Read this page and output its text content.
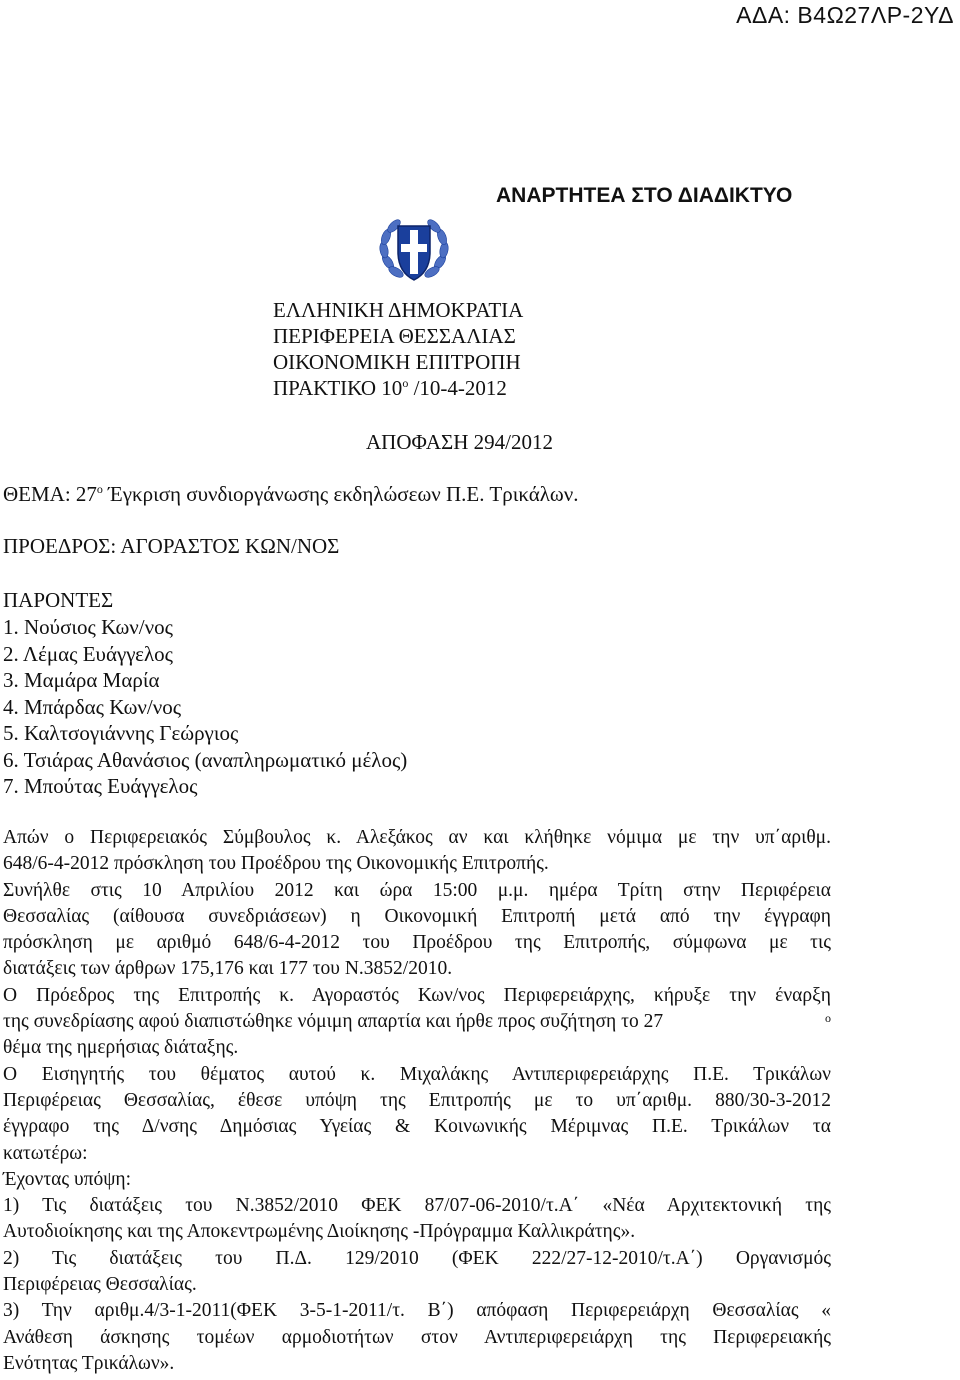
ΑΔΑ: Β4Ω27ΛΡ-2ΥΔ
ΑΝΑΡΤΗΤΕΑ ΣΤΟ ΔΙΑΔΙΚΤΥΟ
ΕΛΛΗΝΙΚΗ ΔΗΜΟΚΡΑΤΙΑ
ΠΕΡΙΦΕΡΕΙΑ ΘΕΣΣΑΛΙΑΣ
ΟΙΚΟΝΟΜΙΚΗ ΕΠΙΤΡΟΠΗ
ΠΡΑΚΤΙΚΟ $10^o$ /10-4-2012
ΑΠΟΦΑΣΗ 294/2012
ΘΕΜΑ: $27^o$ Έγκριση συνδιοργάνωσης εκδηλώσεων Π.Ε. Τρικάλων.
ΠΡΟΕΔΡΟΣ: ΑΓΟΡΑΣΤΟΣ ΚΩΝ/ΝΟΣ
ΠΑΡΟΝΤΕΣ
1. Νούσιος Κων/νος
2. Λέμας Ευάγγελος
3. Μαμάρα Μαρία
4. Μπάρδας Κων/νος
5. Καλτσογιάννης Γεώργιος
6. Τσιάρας Αθανάσιος (αναπληρωματικό μέλος)
7. Μπούτας Ευάγγελος
Απών ο Περιφερειακός Σύμβουλος κ. Αλεξάκος αν και κλήθηκε νόμιμα με την υπ΄αριθμ.
648/6-4-2012 πρόσκληση του Προέδρου της Οικονομικής Επιτροπής.
Συνήλθε στις 10 Απριλίου 2012 και ώρα 15:00 μ.μ. ημέρα Τρίτη στην Περιφέρεια
Θεσσαλίας (αίθουσα συνεδριάσεων) η Οικονομική Επιτροπή μετά από την έγγραφη
πρόσκληση με αριθμό 648/6-4-2012 του Προέδρου της Επιτροπής, σύμφωνα με τις
διατάξεις των άρθρων 175,176 και 177 του Ν.3852/2010.
Ο Πρόεδρος της Επιτροπής κ. Αγοραστός Κων/νος Περιφερειάρχης, κήρυξε την έναρξη
της συνεδρίασης αφού διαπιστώθηκε νόμιμη απαρτία και ήρθε προς συζήτηση το 27	ο
θέμα της ημερήσιας διάταξης.
Ο Εισηγητής του θέματος αυτού κ. Μιχαλάκης Αντιπεριφερειάρχης Π.Ε. Τρικάλων
Περιφέρειας Θεσσαλίας, έθεσε υπόψη της Επιτροπής με το υπ΄αριθμ. 880/30-3-2012
έγγραφο της Δ/νσης Δημόσιας Υγείας & Κοινωνικής Μέριμνας Π.Ε. Τρικάλων τα
κατωτέρω:
Έχοντας υπόψη:
1) Τις διατάξεις του Ν.3852/2010 ΦΕΚ 87/07-06-2010/τ.Α΄ «Νέα Αρχιτεκτονική της
Αυτοδιοίκησης και της Αποκεντρωμένης Διοίκησης -Πρόγραμμα Καλλικράτης».
2) Τις διατάξεις του Π.Δ. 129/2010 (ΦΕΚ 222/27-12-2010/τ.Α΄) Οργανισμός
Περιφέρειας Θεσσαλίας.
3) Την αριθμ.4/3-1-2011(ΦΕΚ 3-5-1-2011/τ. Β΄) απόφαση Περιφερειάρχη Θεσσαλίας «
Ανάθεση άσκησης τομέων αρμοδιοτήτων στον Αντιπεριφερειάρχη της Περιφερειακής
Ενότητας Τρικάλων».
